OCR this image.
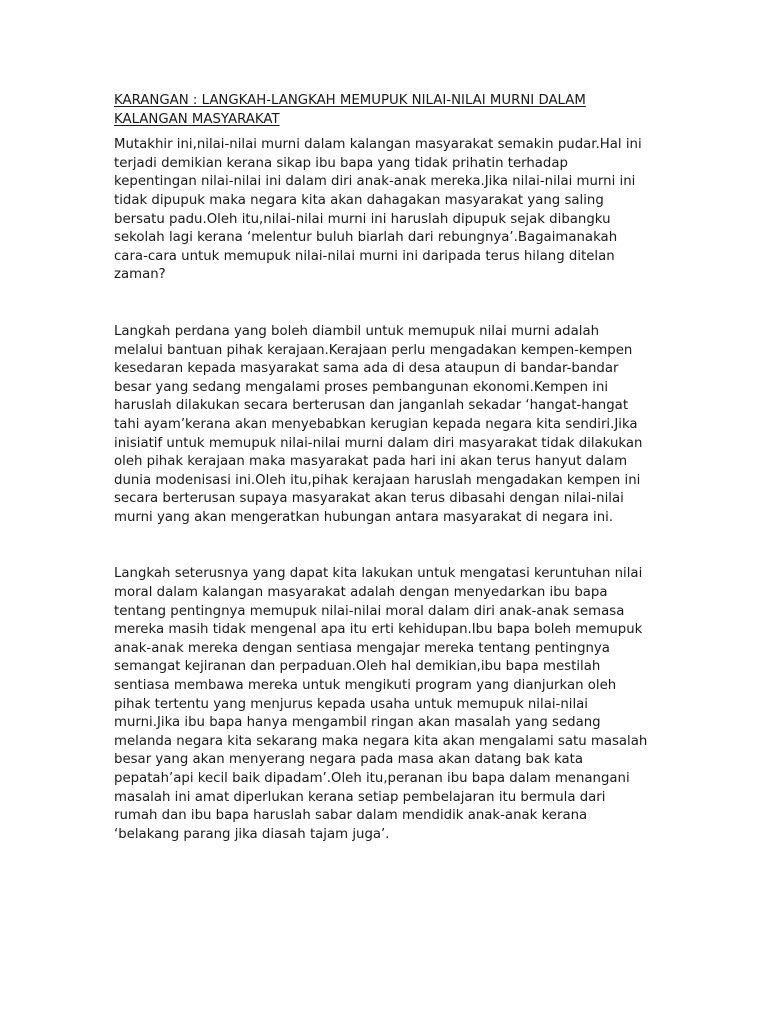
KARANGAN : LANGKAH-LANGKAH MEMUPUK NILAI-NILAI MURNI DALAM KALANGAN MASYARAKAT

Mutakhir ini,nilai-nilai murni dalam kalangan masyarakat semakin pudar.Hal ini terjadi demikian kerana sikap ibu bapa yang tidak prihatin terhadap kepentingan nilai-nilai ini dalam diri anak-anak mereka.Jika nilai-nilai murni ini tidak dipupuk maka negara kita akan dahagakan masyarakat yang saling bersatu padu.Oleh itu,nilai-nilai murni ini haruslah dipupuk sejak dibangku sekolah lagi kerana ‘melentur buluh biarlah dari rebungnya’.Bagaimanakah cara-cara untuk memupuk nilai-nilai murni ini daripada terus hilang ditelan zaman?

Langkah perdana yang boleh diambil untuk memupuk nilai murni adalah melalui bantuan pihak kerajaan.Kerajaan perlu mengadakan kempen-kempen kesedaran kepada masyarakat sama ada di desa ataupun di bandar-bandar besar yang sedang mengalami proses pembangunan ekonomi.Kempen ini haruslah dilakukan secara berterusan dan janganlah sekadar ‘hangat-hangat tahi ayam’kerana akan menyebabkan kerugian kepada negara kita sendiri.Jika inisiatif untuk memupuk nilai-nilai murni dalam diri masyarakat tidak dilakukan oleh pihak kerajaan maka masyarakat pada hari ini akan terus hanyut dalam dunia modenisasi ini.Oleh itu,pihak kerajaan haruslah mengadakan kempen ini secara berterusan supaya masyarakat akan terus dibasahi dengan nilai-nilai murni yang akan mengeratkan hubungan antara masyarakat di negara ini.

Langkah seterusnya yang dapat kita lakukan untuk mengatasi keruntuhan nilai moral dalam kalangan masyarakat adalah dengan menyedarkan ibu bapa tentang pentingnya memupuk nilai-nilai moral dalam diri anak-anak semasa mereka masih tidak mengenal apa itu erti kehidupan.Ibu bapa boleh memupuk anak-anak mereka dengan sentiasa mengajar mereka tentang pentingnya semangat kejiranan dan perpaduan.Oleh hal demikian,ibu bapa mestilah sentiasa membawa mereka untuk mengikuti program yang dianjurkan oleh pihak tertentu yang menjurus kepada usaha untuk memupuk nilai-nilai murni.Jika ibu bapa hanya mengambil ringan akan masalah yang sedang melanda negara kita sekarang maka negara kita akan mengalami satu masalah besar yang akan menyerang negara pada masa akan datang bak kata pepatah’api kecil baik dipadam’.Oleh itu,peranan ibu bapa dalam menangani masalah ini amat diperlukan kerana setiap pembelajaran itu bermula dari rumah dan ibu bapa haruslah sabar dalam mendidik anak-anak kerana ‘belakang parang jika diasah tajam juga’.
